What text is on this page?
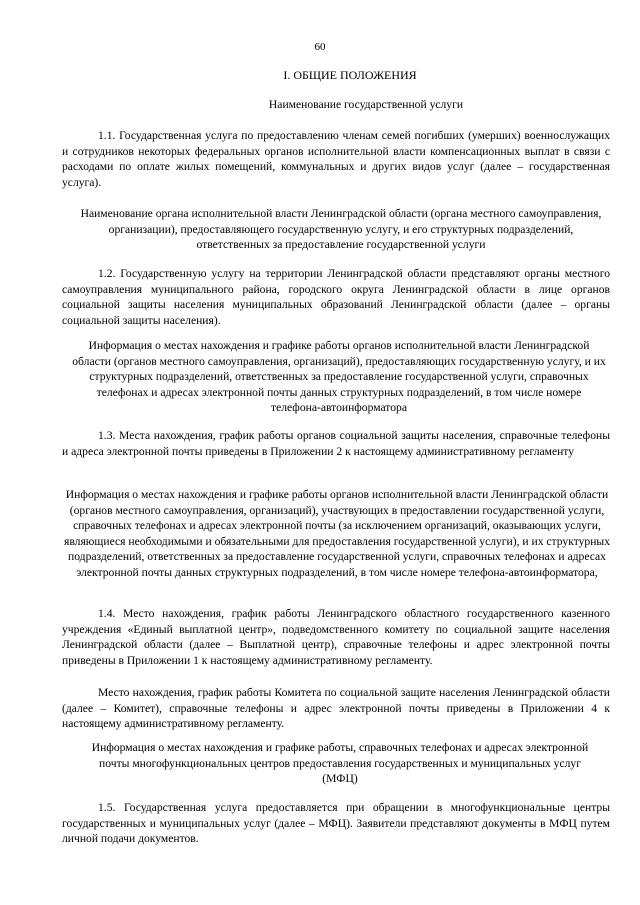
60
I. ОБЩИЕ ПОЛОЖЕНИЯ
Наименование государственной услуги
1.1. Государственная услуга по предоставлению членам семей погибших (умерших) военнослужащих и сотрудников некоторых федеральных органов исполнительной власти компенсационных выплат в связи с расходами по оплате жилых помещений, коммунальных и других видов услуг (далее – государственная услуга).
Наименование органа исполнительной власти Ленинградской области (органа местного самоуправления, организации), предоставляющего государственную услугу, и его структурных подразделений, ответственных за предоставление государственной услуги
1.2. Государственную услугу на территории Ленинградской области представляют органы местного самоуправления муниципального района, городского округа Ленинградской области в лице органов социальной защиты населения муниципальных образований Ленинградской области (далее – органы социальной защиты населения).
Информация о местах нахождения и графике работы органов исполнительной власти Ленинградской области (органов местного самоуправления, организаций), предоставляющих государственную услугу, и их структурных подразделений, ответственных за предоставление государственной услуги, справочных телефонах и адресах электронной почты данных структурных подразделений, в том числе номере телефона-автоинформатора
1.3. Места нахождения, график работы органов социальной защиты населения, справочные телефоны и адреса электронной почты приведены в Приложении 2 к настоящему административному регламенту
Информация о местах нахождения и графике работы органов исполнительной власти Ленинградской области (органов местного самоуправления, организаций), участвующих в предоставлении государственной услуги, справочных телефонах и адресах электронной почты (за исключением организаций, оказывающих услуги, являющиеся необходимыми и обязательными для предоставления государственной услуги), и их структурных подразделений, ответственных за предоставление государственной услуги, справочных телефонах и адресах электронной почты данных структурных подразделений, в том числе номере телефона-автоинформатора,
1.4. Место нахождения, график работы Ленинградского областного государственного казенного учреждения «Единый выплатной центр», подведомственного комитету по социальной защите населения Ленинградской области (далее – Выплатной центр), справочные телефоны и адрес электронной почты приведены в Приложении 1 к настоящему административному регламенту.
Место нахождения, график работы Комитета по социальной защите населения Ленинградской области (далее – Комитет), справочные телефоны и адрес электронной почты приведены в Приложении 4 к настоящему административному регламенту.
Информация о местах нахождения и графике работы, справочных телефонах и адресах электронной почты многофункциональных центров предоставления государственных и муниципальных услуг (МФЦ)
1.5. Государственная услуга предоставляется при обращении в многофункциональные центры государственных и муниципальных услуг (далее – МФЦ). Заявители представляют документы в МФЦ путем личной подачи документов.
